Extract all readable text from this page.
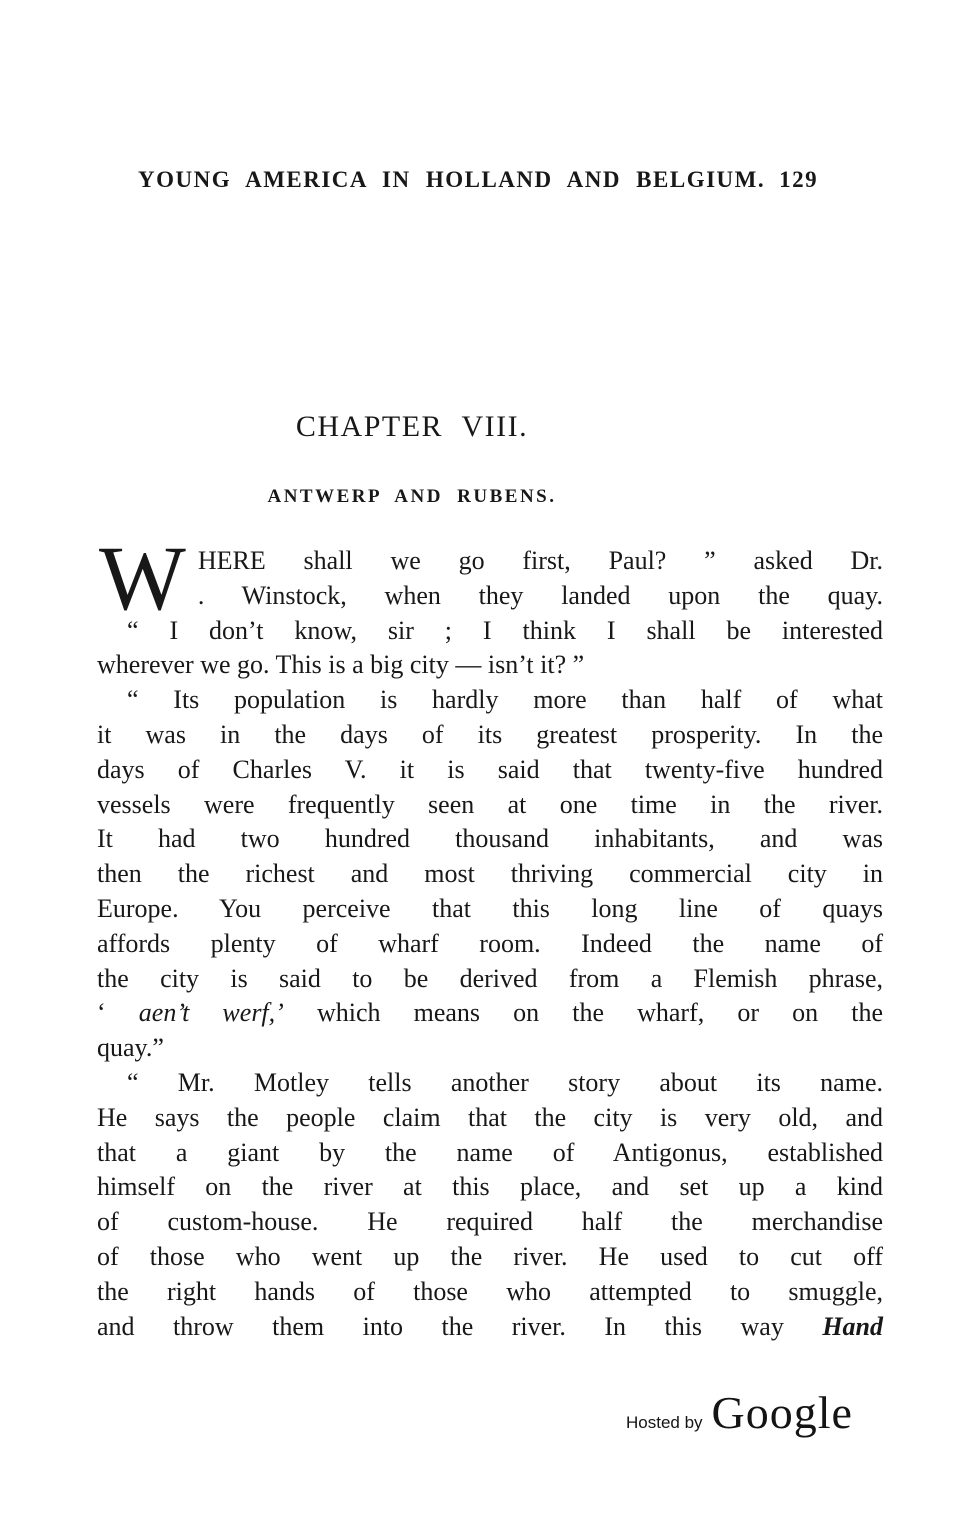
YOUNG AMERICA IN HOLLAND AND BELGIUM. 129
CHAPTER VIII.
ANTWERP AND RUBENS.
W HERE shall we go first, Paul? ” asked Dr.
. Winstock, when they landed upon the quay.
“ I don’t know, sir ; I think I shall be interested
wherever we go. This is a big city — isn’t it? ”
“ Its population is hardly more than half of what
it was in the days of its greatest prosperity. In the
days of Charles V. it is said that twenty-five hundred
vessels were frequently seen at one time in the river.
It had two hundred thousand inhabitants, and was
then the richest and most thriving commercial city in
Europe. You perceive that this long line of quays
affords plenty of wharf room. Indeed the name of
the city is said to be derived from a Flemish phrase,
‘ aen’t werf,’ which means on the wharf, or on the
quay.”
“ Mr. Motley tells another story about its name.
He says the people claim that the city is very old, and
that a giant by the name of Antigonus, established
himself on the river at this place, and set up a kind
of custom-house. He required half the merchandise
of those who went up the river. He used to cut off
the right hands of those who attempted to smuggle,
and throw them into the river. In this way Hand
Hosted by Google
